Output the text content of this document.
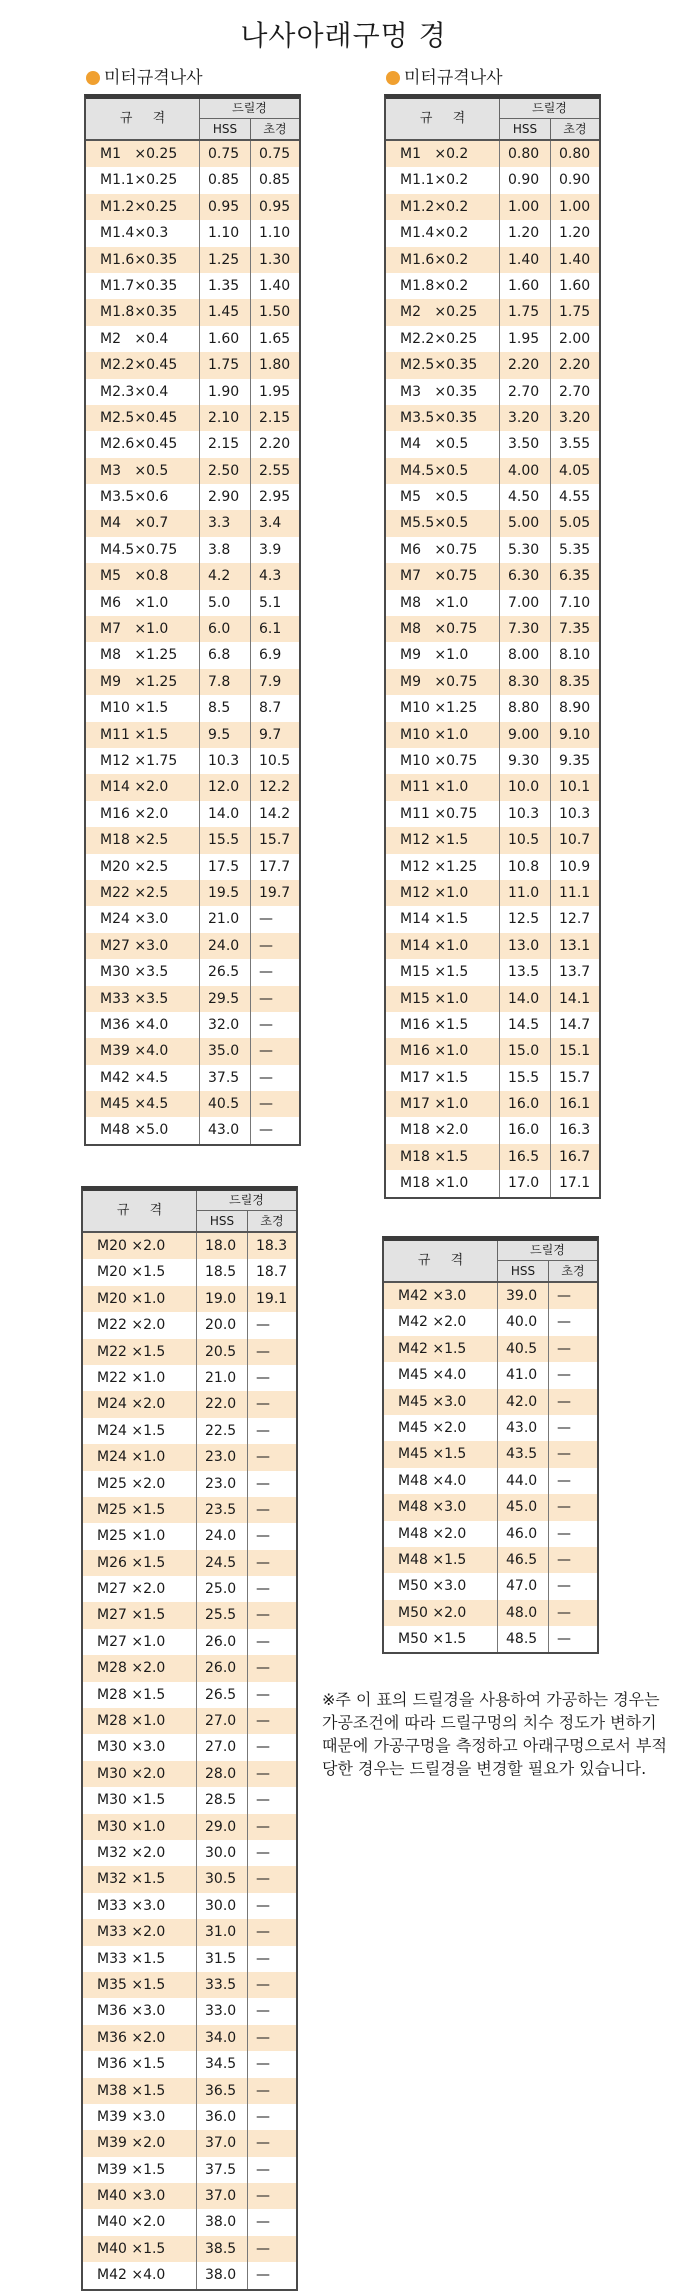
나사아래구멍 경
미터규격나사	미터규격나사
규 격
드릴경
HSS	초경
M1   ×0.25	0.75	0.75
M1.1×0.25	0.85	0.85
M1.2×0.25	0.95	0.95
M1.4×0.3	1.10	1.10
M1.6×0.35	1.25	1.30
M1.7×0.35	1.35	1.40
M1.8×0.35	1.45	1.50
M2   ×0.4	1.60	1.65
M2.2×0.45	1.75	1.80
M2.3×0.4	1.90	1.95
M2.5×0.45	2.10	2.15
M2.6×0.45	2.15	2.20
M3   ×0.5	2.50	2.55
M3.5×0.6	2.90	2.95
M4   ×0.7	3.3	3.4
M4.5×0.75	3.8	3.9
M5   ×0.8	4.2	4.3
M6   ×1.0	5.0	5.1
M7   ×1.0	6.0	6.1
M8   ×1.25	6.8	6.9
M9   ×1.25	7.8	7.9
M10 ×1.5	8.5	8.7
M11 ×1.5	9.5	9.7
M12 ×1.75	10.3	10.5
M14 ×2.0	12.0	12.2
M16 ×2.0	14.0	14.2
M18 ×2.5	15.5	15.7
M20 ×2.5	17.5	17.7
M22 ×2.5	19.5	19.7
M24 ×3.0	21.0	—
M27 ×3.0	24.0	—
M30 ×3.5	26.5	—
M33 ×3.5	29.5	—
M36 ×4.0	32.0	—
M39 ×4.0	35.0	—
M42 ×4.5	37.5	—
M45 ×4.5	40.5	—
M48 ×5.0	43.0	—
규 격
드릴경
HSS	초경
M1   ×0.2	0.80	0.80
M1.1×0.2	0.90	0.90
M1.2×0.2	1.00	1.00
M1.4×0.2	1.20	1.20
M1.6×0.2	1.40	1.40
M1.8×0.2	1.60	1.60
M2   ×0.25	1.75	1.75
M2.2×0.25	1.95	2.00
M2.5×0.35	2.20	2.20
M3   ×0.35	2.70	2.70
M3.5×0.35	3.20	3.20
M4   ×0.5	3.50	3.55
M4.5×0.5	4.00	4.05
M5   ×0.5	4.50	4.55
M5.5×0.5	5.00	5.05
M6   ×0.75	5.30	5.35
M7   ×0.75	6.30	6.35
M8   ×1.0	7.00	7.10
M8   ×0.75	7.30	7.35
M9   ×1.0	8.00	8.10
M9   ×0.75	8.30	8.35
M10 ×1.25	8.80	8.90
M10 ×1.0	9.00	9.10
M10 ×0.75	9.30	9.35
M11 ×1.0	10.0	10.1
M11 ×0.75	10.3	10.3
M12 ×1.5	10.5	10.7
M12 ×1.25	10.8	10.9
M12 ×1.0	11.0	11.1
M14 ×1.5	12.5	12.7
M14 ×1.0	13.0	13.1
M15 ×1.5	13.5	13.7
M15 ×1.0	14.0	14.1
M16 ×1.5	14.5	14.7
M16 ×1.0	15.0	15.1
M17 ×1.5	15.5	15.7
M17 ×1.0	16.0	16.1
M18 ×2.0	16.0	16.3
M18 ×1.5	16.5	16.7
M18 ×1.0	17.0	17.1
규 격
드릴경
HSS	초경
M20 ×2.0	18.0	18.3
M20 ×1.5	18.5	18.7
M20 ×1.0	19.0	19.1
M22 ×2.0	20.0	—
M22 ×1.5	20.5	—
M22 ×1.0	21.0	—
M24 ×2.0	22.0	—
M24 ×1.5	22.5	—
M24 ×1.0	23.0	—
M25 ×2.0	23.0	—
M25 ×1.5	23.5	—
M25 ×1.0	24.0	—
M26 ×1.5	24.5	—
M27 ×2.0	25.0	—
M27 ×1.5	25.5	—
M27 ×1.0	26.0	—
M28 ×2.0	26.0	—
M28 ×1.5	26.5	—
M28 ×1.0	27.0	—
M30 ×3.0	27.0	—
M30 ×2.0	28.0	—
M30 ×1.5	28.5	—
M30 ×1.0	29.0	—
M32 ×2.0	30.0	—
M32 ×1.5	30.5	—
M33 ×3.0	30.0	—
M33 ×2.0	31.0	—
M33 ×1.5	31.5	—
M35 ×1.5	33.5	—
M36 ×3.0	33.0	—
M36 ×2.0	34.0	—
M36 ×1.5	34.5	—
M38 ×1.5	36.5	—
M39 ×3.0	36.0	—
M39 ×2.0	37.0	—
M39 ×1.5	37.5	—
M40 ×3.0	37.0	—
M40 ×2.0	38.0	—
M40 ×1.5	38.5	—
M42 ×4.0	38.0	—
규 격
드릴경
HSS	초경
M42 ×3.0	39.0	—
M42 ×2.0	40.0	—
M42 ×1.5	40.5	—
M45 ×4.0	41.0	—
M45 ×3.0	42.0	—
M45 ×2.0	43.0	—
M45 ×1.5	43.5	—
M48 ×4.0	44.0	—
M48 ×3.0	45.0	—
M48 ×2.0	46.0	—
M48 ×1.5	46.5	—
M50 ×3.0	47.0	—
M50 ×2.0	48.0	—
M50 ×1.5	48.5	—
※주 이 표의 드릴경을 사용하여 가공하는 경우는 가공조건에 따라 드릴구멍의 치수 정도가 변하기때문에 가공구멍을 측정하고 아래구멍으로서 부적당한 경우는 드릴경을 변경할 필요가 있습니다.
